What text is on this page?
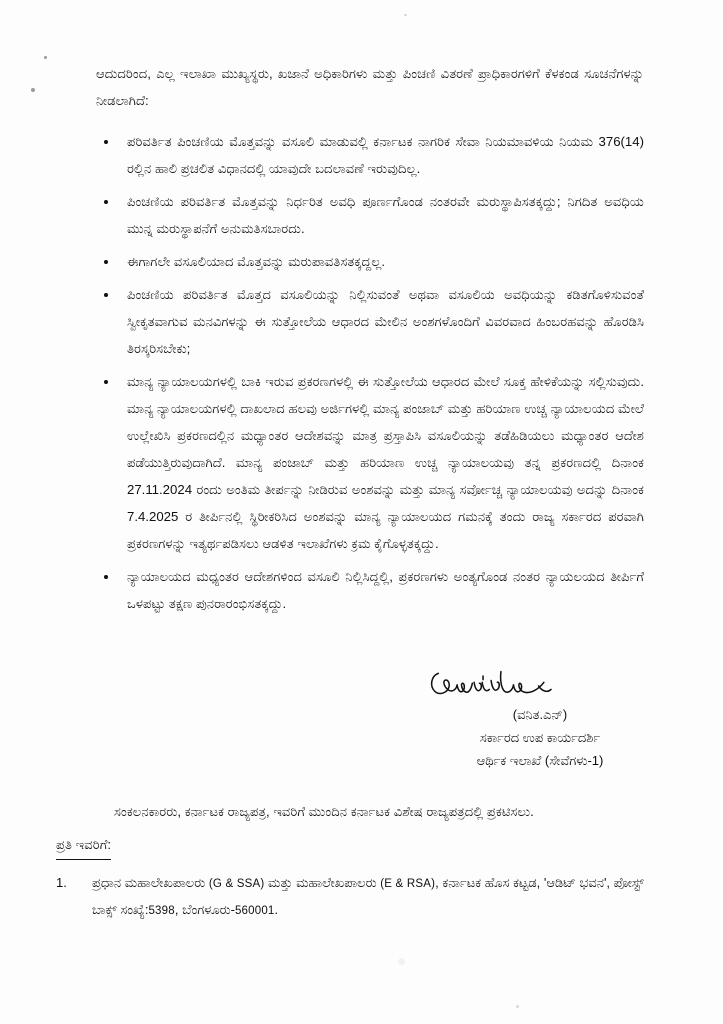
ಆದುದರಿಂದ, ಎಲ್ಲ ಇಲಾಖಾ ಮುಖ್ಯಸ್ಥರು, ಖಜಾನೆ ಅಧಿಕಾರಿಗಳು ಮತ್ತು ಪಿಂಚಣಿ ವಿತರಣೆ ಪ್ರಾಧಿಕಾರಗಳಿಗೆ ಕೆಳಕಂಡ ಸೂಚನೆಗಳನ್ನು ನೀಡಲಾಗಿದೆ:

ಪರಿವರ್ತಿತ ಪಿಂಚಣಿಯ ಮೊತ್ತವನ್ನು ವಸೂಲಿ ಮಾಡುವಲ್ಲಿ ಕರ್ನಾಟಕ ನಾಗರಿಕ ಸೇವಾ ನಿಯಮಾವಳಿಯ ನಿಯಮ 376(14) ರಲ್ಲಿನ ಹಾಲಿ ಪ್ರಚಲಿತ ವಿಧಾನದಲ್ಲಿ ಯಾವುದೇ ಬದಲಾವಣೆ ಇರುವುದಿಲ್ಲ.
ಪಿಂಚಣಿಯ ಪರಿವರ್ತಿತ ಮೊತ್ತವನ್ನು ನಿರ್ಧರಿತ ಅವಧಿ ಪೂರ್ಣಗೊಂಡ ನಂತರವೇ ಮರುಸ್ಥಾಪಿಸತಕ್ಕದ್ದು; ನಿಗದಿತ ಅವಧಿಯ ಮುನ್ನ ಮರುಸ್ಥಾಪನೆಗೆ ಅನುಮತಿಸಬಾರದು.
ಈಗಾಗಲೇ ವಸೂಲಿಯಾದ ಮೊತ್ತವನ್ನು ಮರುಪಾವತಿಸತಕ್ಕದ್ದಲ್ಲ.
ಪಿಂಚಣಿಯ ಪರಿವರ್ತಿತ ಮೊತ್ತದ ವಸೂಲಿಯನ್ನು ನಿಲ್ಲಿಸುವಂತೆ ಅಥವಾ ವಸೂಲಿಯ ಅವಧಿಯನ್ನು ಕಡಿತಗೊಳಿಸುವಂತೆ ಸ್ವೀಕೃತವಾಗುವ ಮನವಿಗಳನ್ನು ಈ ಸುತ್ತೋಲೆಯ ಆಧಾರದ ಮೇಲಿನ ಅಂಶಗಳೊಂದಿಗೆ ವಿವರವಾದ ಹಿಂಬರಹವನ್ನು ಹೊರಡಿಸಿ ತಿರಸ್ಕರಿಸಬೇಕು;
ಮಾನ್ಯ ನ್ಯಾಯಾಲಯಗಳಲ್ಲಿ ಬಾಕಿ ಇರುವ ಪ್ರಕರಣಗಳಲ್ಲಿ ಈ ಸುತ್ತೋಲೆಯ ಆಧಾರದ ಮೇಲೆ ಸೂಕ್ತ ಹೇಳಿಕೆಯನ್ನು ಸಲ್ಲಿಸುವುದು. ಮಾನ್ಯ ನ್ಯಾಯಾಲಯಗಳಲ್ಲಿ ದಾಖಲಾದ ಹಲವು ಅರ್ಜಿಗಳಲ್ಲಿ ಮಾನ್ಯ ಪಂಜಾಬ್ ಮತ್ತು ಹರಿಯಾಣ ಉಚ್ಚ ನ್ಯಾಯಾಲಯದ ಮೇಲೆ ಉಲ್ಲೇಖಿಸಿ ಪ್ರಕರಣದಲ್ಲಿನ ಮಧ್ಯಾಂತರ ಆದೇಶವನ್ನು ಮಾತ್ರ ಪ್ರಸ್ತಾಪಿಸಿ ವಸೂಲಿಯನ್ನು ತಡೆಹಿಡಿಯಲು ಮಧ್ಯಾಂತರ ಆದೇಶ ಪಡೆಯುತ್ತಿರುವುದಾಗಿದೆ. ಮಾನ್ಯ ಪಂಜಾಬ್ ಮತ್ತು ಹರಿಯಾಣ ಉಚ್ಚ ನ್ಯಾಯಾಲಯವು ತನ್ನ ಪ್ರಕರಣದಲ್ಲಿ ದಿನಾಂಕ 27.11.2024 ರಂದು ಅಂತಿಮ ತೀರ್ಪನ್ನು ನೀಡಿರುವ ಅಂಶವನ್ನು ಮತ್ತು ಮಾನ್ಯ ಸರ್ವೋಚ್ಚ ನ್ಯಾಯಾಲಯವು ಅದನ್ನು ದಿನಾಂಕ 7.4.2025 ರ ತೀರ್ಪಿನಲ್ಲಿ ಸ್ಥಿರೀಕರಿಸಿದ ಅಂಶವನ್ನು ಮಾನ್ಯ ನ್ಯಾಯಾಲಯದ ಗಮನಕ್ಕೆ ತಂದು ರಾಜ್ಯ ಸರ್ಕಾರದ ಪರವಾಗಿ ಪ್ರಕರಣಗಳನ್ನು ಇತ್ಯರ್ಥಪಡಿಸಲು ಆಡಳಿತ ಇಲಾಖೆಗಳು ಕ್ರಮ ಕೈಗೊಳ್ಳತಕ್ಕದ್ದು.
ನ್ಯಾಯಾಲಯದ ಮಧ್ಯಂತರ ಆದೇಶಗಳಿಂದ ವಸೂಲಿ ನಿಲ್ಲಿಸಿದ್ದಲ್ಲಿ, ಪ್ರಕರಣಗಳು ಅಂತ್ಯಗೊಂಡ ನಂತರ ನ್ಯಾಯಲಯದ ತೀರ್ಪಿಗೆ ಒಳಪಟ್ಟು ತಕ್ಷಣ ಪುನರಾರಂಭಿಸತಕ್ಕದ್ದು.
(ವನಿತ.ಎನ್)
ಸರ್ಕಾರದ ಉಪ ಕಾರ್ಯದರ್ಶಿ
ಆರ್ಥಿಕ ಇಲಾಖೆ (ಸೇವೆಗಳು-1)

ಸಂಕಲನಕಾರರು, ಕರ್ನಾಟಕ ರಾಜ್ಯಪತ್ರ, ಇವರಿಗೆ ಮುಂದಿನ ಕರ್ನಾಟಕ ವಿಶೇಷ ರಾಜ್ಯಪತ್ರದಲ್ಲಿ ಪ್ರಕಟಿಸಲು.

ಪ್ರತಿ ಇವರಿಗೆ:
1. ಪ್ರಧಾನ ಮಹಾಲೇಖಪಾಲರು (G & SSA) ಮತ್ತು ಮಹಾಲೇಖಪಾಲರು (E & RSA), ಕರ್ನಾಟಕ ಹೊಸ ಕಟ್ಟಡ, 'ಆಡಿಟ್ ಭವನ', ಪೋಸ್ಟ್ ಬಾಕ್ಸ್ ಸಂಖ್ಯೆ:5398, ಬೆಂಗಳೂರು-560001.
